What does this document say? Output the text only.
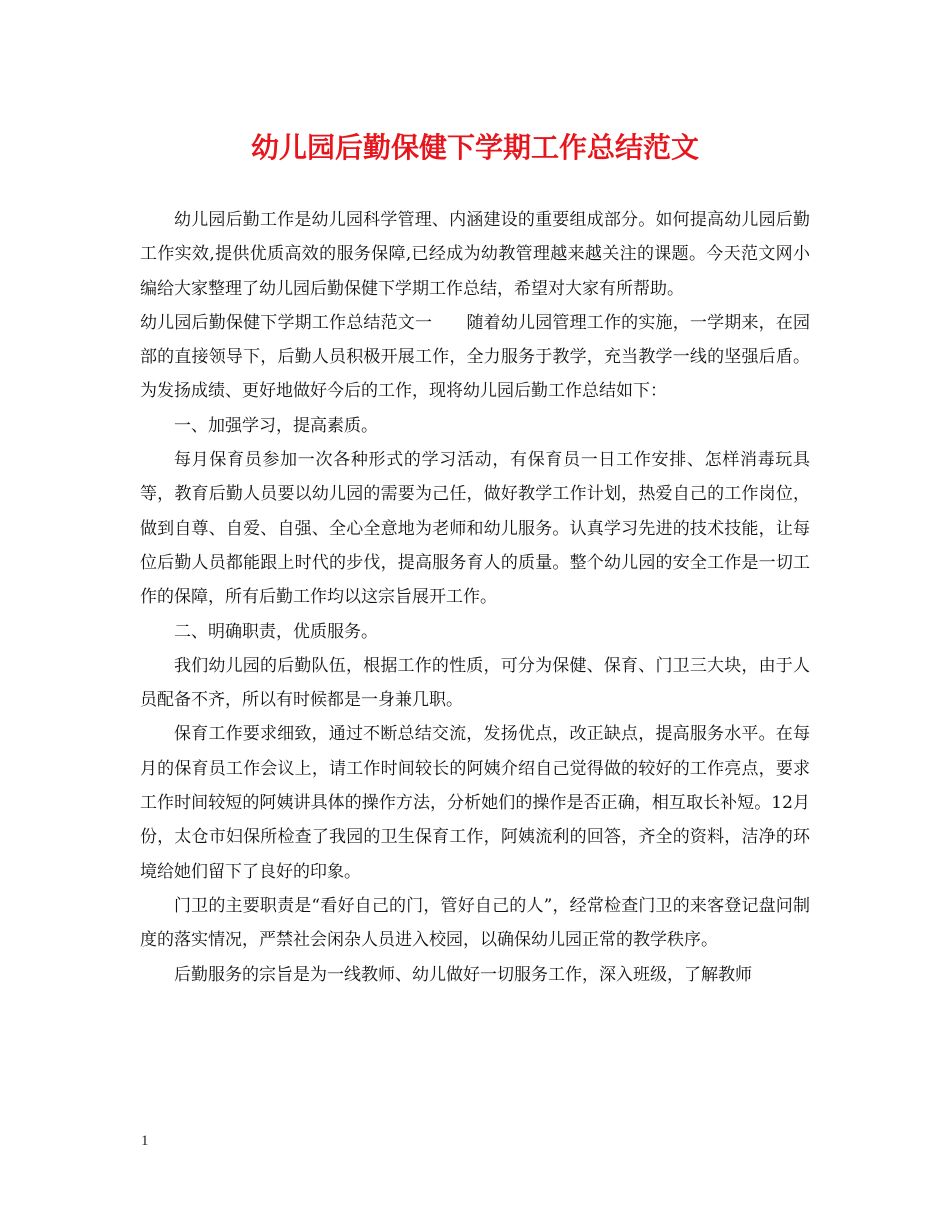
幼儿园后勤保健下学期工作总结范文

幼儿园后勤工作是幼儿园科学管理、内涵建设的重要组成部分。如何提高幼儿园后勤工作实效,提供优质高效的服务保障,已经成为幼教管理越来越关注的课题。今天范文网小编给大家整理了幼儿园后勤保健下学期工作总结，希望对大家有所帮助。

幼儿园后勤保健下学期工作总结范文一　　随着幼儿园管理工作的实施，一学期来，在园部的直接领导下，后勤人员积极开展工作，全力服务于教学，充当教学一线的坚强后盾。为发扬成绩、更好地做好今后的工作，现将幼儿园后勤工作总结如下：

一、加强学习，提高素质。

每月保育员参加一次各种形式的学习活动，有保育员一日工作安排、怎样消毒玩具等，教育后勤人员要以幼儿园的需要为己任，做好教学工作计划，热爱自己的工作岗位，做到自尊、自爱、自强、全心全意地为老师和幼儿服务。认真学习先进的技术技能，让每位后勤人员都能跟上时代的步伐，提高服务育人的质量。整个幼儿园的安全工作是一切工作的保障，所有后勤工作均以这宗旨展开工作。

二、明确职责，优质服务。

我们幼儿园的后勤队伍，根据工作的性质，可分为保健、保育、门卫三大块，由于人员配备不齐，所以有时候都是一身兼几职。

保育工作要求细致，通过不断总结交流，发扬优点，改正缺点，提高服务水平。在每月的保育员工作会议上，请工作时间较长的阿姨介绍自己觉得做的较好的工作亮点，要求工作时间较短的阿姨讲具体的操作方法，分析她们的操作是否正确，相互取长补短。12月份，太仓市妇保所检查了我园的卫生保育工作，阿姨流利的回答，齐全的资料，洁净的环境给她们留下了良好的印象。

门卫的主要职责是“看好自己的门，管好自己的人”，经常检查门卫的来客登记盘问制度的落实情况，严禁社会闲杂人员进入校园，以确保幼儿园正常的教学秩序。

后勤服务的宗旨是为一线教师、幼儿做好一切服务工作，深入班级，了解教师

1
